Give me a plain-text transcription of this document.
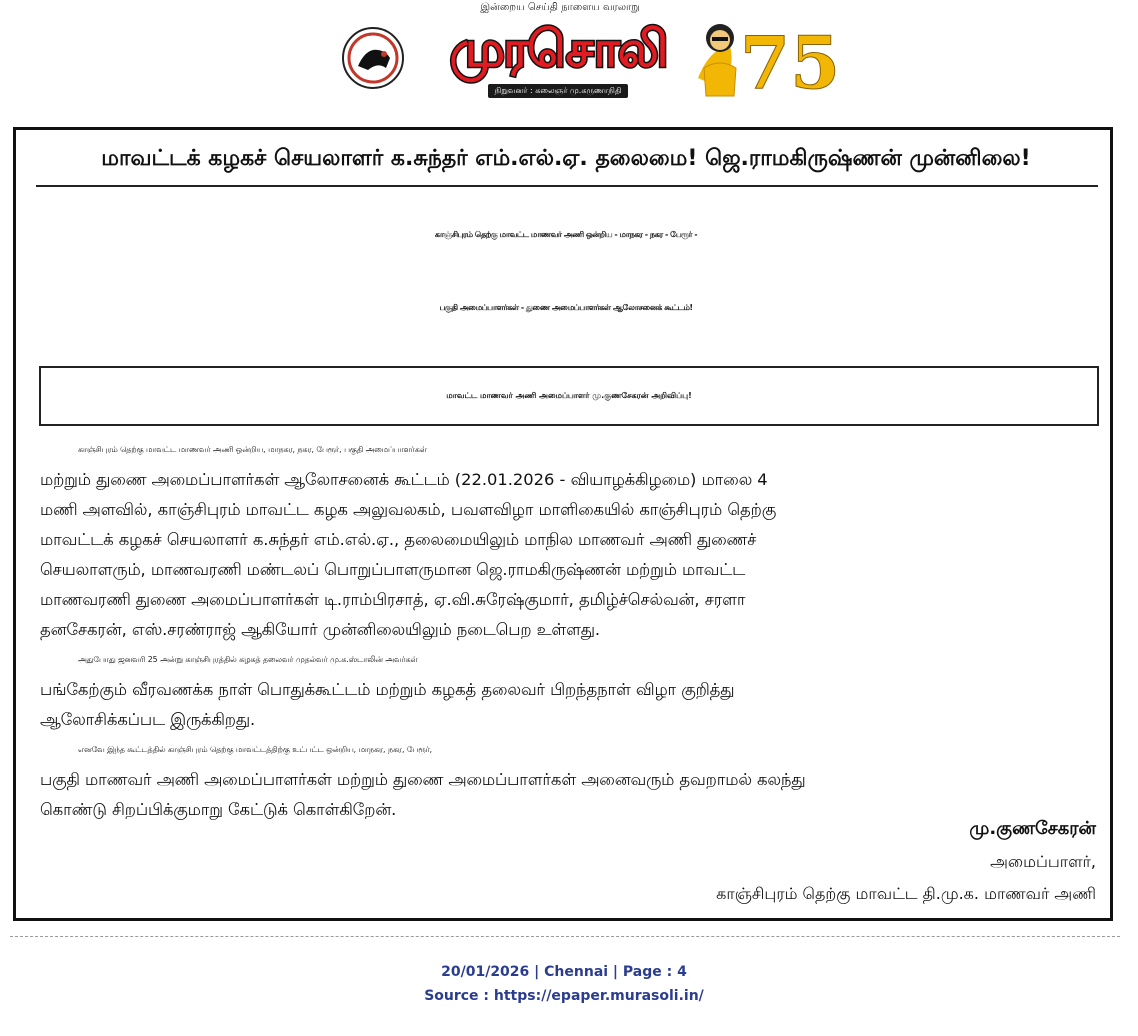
இன்றைய செய்தி நாளைய வரலாறு
முரசொலி
நிறுவனர் : கலைஞர் மு.கருணாநிதி 75
மாவட்டக் கழகச் செயலாளர் க.சுந்தர் எம்.எல்.ஏ. தலைமை! ஜெ.ராமகிருஷ்ணன் முன்னிலை!
காஞ்சிபுரம் தெற்கு மாவட்ட மாணவர் அணி ஒன்றிய - மாநகர - நகர - பேரூர் -
பகுதி அமைப்பாளர்கள் - துணை அமைப்பாளர்கள் ஆலோசனைக் கூட்டம்!
மாவட்ட மாணவர் அணி அமைப்பாளர் மு.குணசேகரன் அறிவிப்பு!
காஞ்சிபுரம் தெற்கு மாவட்ட மாணவர் அணி ஒன்றிய, மாநகர, நகர, பேரூர், பகுதி அமைப்பாளர்கள்
மற்றும் துணை அமைப்பாளர்கள் ஆலோசனைக் கூட்டம் (22.01.2026 - வியாழக்கிழமை) மாலை 4
மணி அளவில், காஞ்சிபுரம் மாவட்ட கழக அலுவலகம், பவளவிழா மாளிகையில் காஞ்சிபுரம் தெற்கு
மாவட்டக் கழகச் செயலாளர் க.சுந்தர் எம்.எல்.ஏ., தலைமையிலும் மாநில மாணவர் அணி துணைச்
செயலாளரும், மாணவரணி மண்டலப் பொறுப்பாளருமான ஜெ.ராமகிருஷ்ணன் மற்றும் மாவட்ட
மாணவரணி துணை அமைப்பாளர்கள் டி.ராம்பிரசாத், ஏ.வி.சுரேஷ்குமார், தமிழ்ச்செல்வன், சரளா
தனசேகரன், எஸ்.சரண்ராஜ் ஆகியோர் முன்னிலையிலும் நடைபெற உள்ளது.
அதுபோது ஜனவரி 25 அன்று காஞ்சிபுரத்தில் கழகத் தலைவர் முதல்வர் மு.க.ஸ்டாலின் அவர்கள்
பங்கேற்கும் வீரவணக்க நாள் பொதுக்கூட்டம் மற்றும் கழகத் தலைவர் பிறந்தநாள் விழா குறித்து
ஆலோசிக்கப்பட இருக்கிறது.
எனவே இந்த கூட்டத்தில் காஞ்சிபுரம் தெற்கு மாவட்டத்திற்கு உட்பட்ட ஒன்றிய, மாநகர, நகர, பேரூர்,
பகுதி மாணவர் அணி அமைப்பாளர்கள் மற்றும் துணை அமைப்பாளர்கள் அனைவரும் தவறாமல் கலந்து
கொண்டு சிறப்பிக்குமாறு கேட்டுக் கொள்கிறேன்.
மு.குணசேகரன்
அமைப்பாளர்,
காஞ்சிபுரம் தெற்கு மாவட்ட தி.மு.க. மாணவர் அணி
20/01/2026 | Chennai | Page : 4
Source : https://epaper.murasoli.in/
